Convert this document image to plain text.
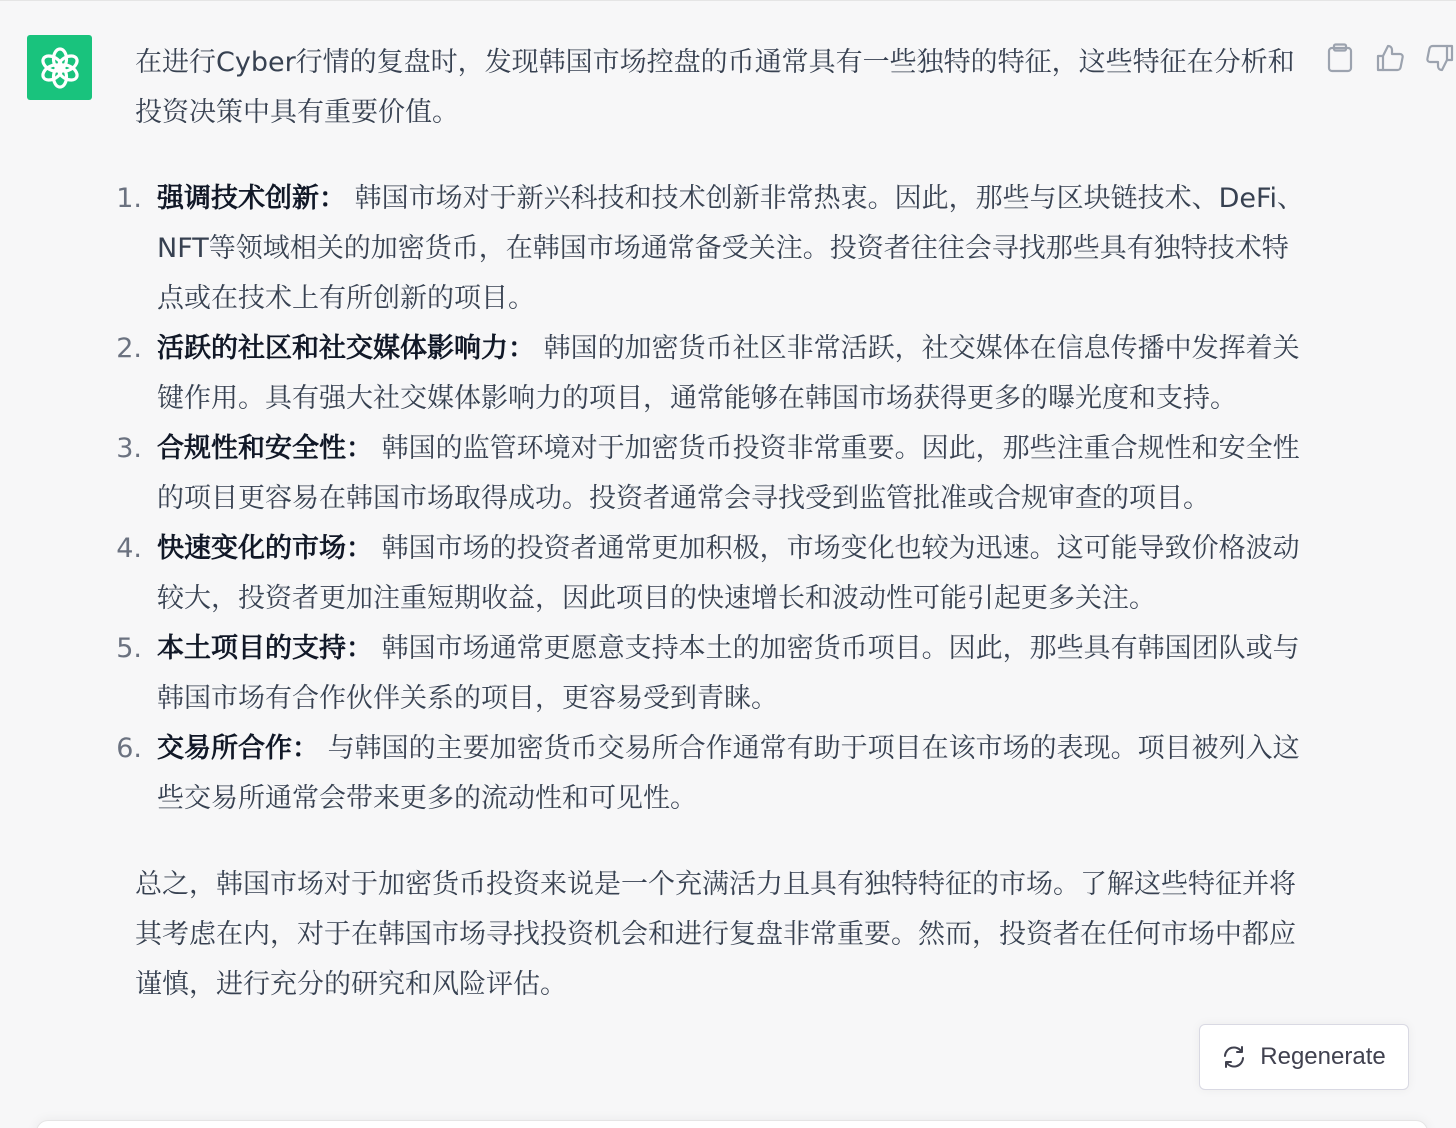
在进行Cyber行情的复盘时，发现韩国市场控盘的币通常具有一些独特的特征，这些特征在分析和投资决策中具有重要价值。

1. 强调技术创新： 韩国市场对于新兴科技和技术创新非常热衷。因此，那些与区块链技术、DeFi、NFT等领域相关的加密货币，在韩国市场通常备受关注。投资者往往会寻找那些具有独特技术特点或在技术上有所创新的项目。
2. 活跃的社区和社交媒体影响力： 韩国的加密货币社区非常活跃，社交媒体在信息传播中发挥着关键作用。具有强大社交媒体影响力的项目，通常能够在韩国市场获得更多的曝光度和支持。
3. 合规性和安全性： 韩国的监管环境对于加密货币投资非常重要。因此，那些注重合规性和安全性的项目更容易在韩国市场取得成功。投资者通常会寻找受到监管批准或合规审查的项目。
4. 快速变化的市场： 韩国市场的投资者通常更加积极，市场变化也较为迅速。这可能导致价格波动较大，投资者更加注重短期收益，因此项目的快速增长和波动性可能引起更多关注。
5. 本土项目的支持： 韩国市场通常更愿意支持本土的加密货币项目。因此，那些具有韩国团队或与韩国市场有合作伙伴关系的项目，更容易受到青睐。
6. 交易所合作： 与韩国的主要加密货币交易所合作通常有助于项目在该市场的表现。项目被列入这些交易所通常会带来更多的流动性和可见性。

总之，韩国市场对于加密货币投资来说是一个充满活力且具有独特特征的市场。了解这些特征并将其考虑在内，对于在韩国市场寻找投资机会和进行复盘非常重要。然而，投资者在任何市场中都应谨慎，进行充分的研究和风险评估。

Regenerate
